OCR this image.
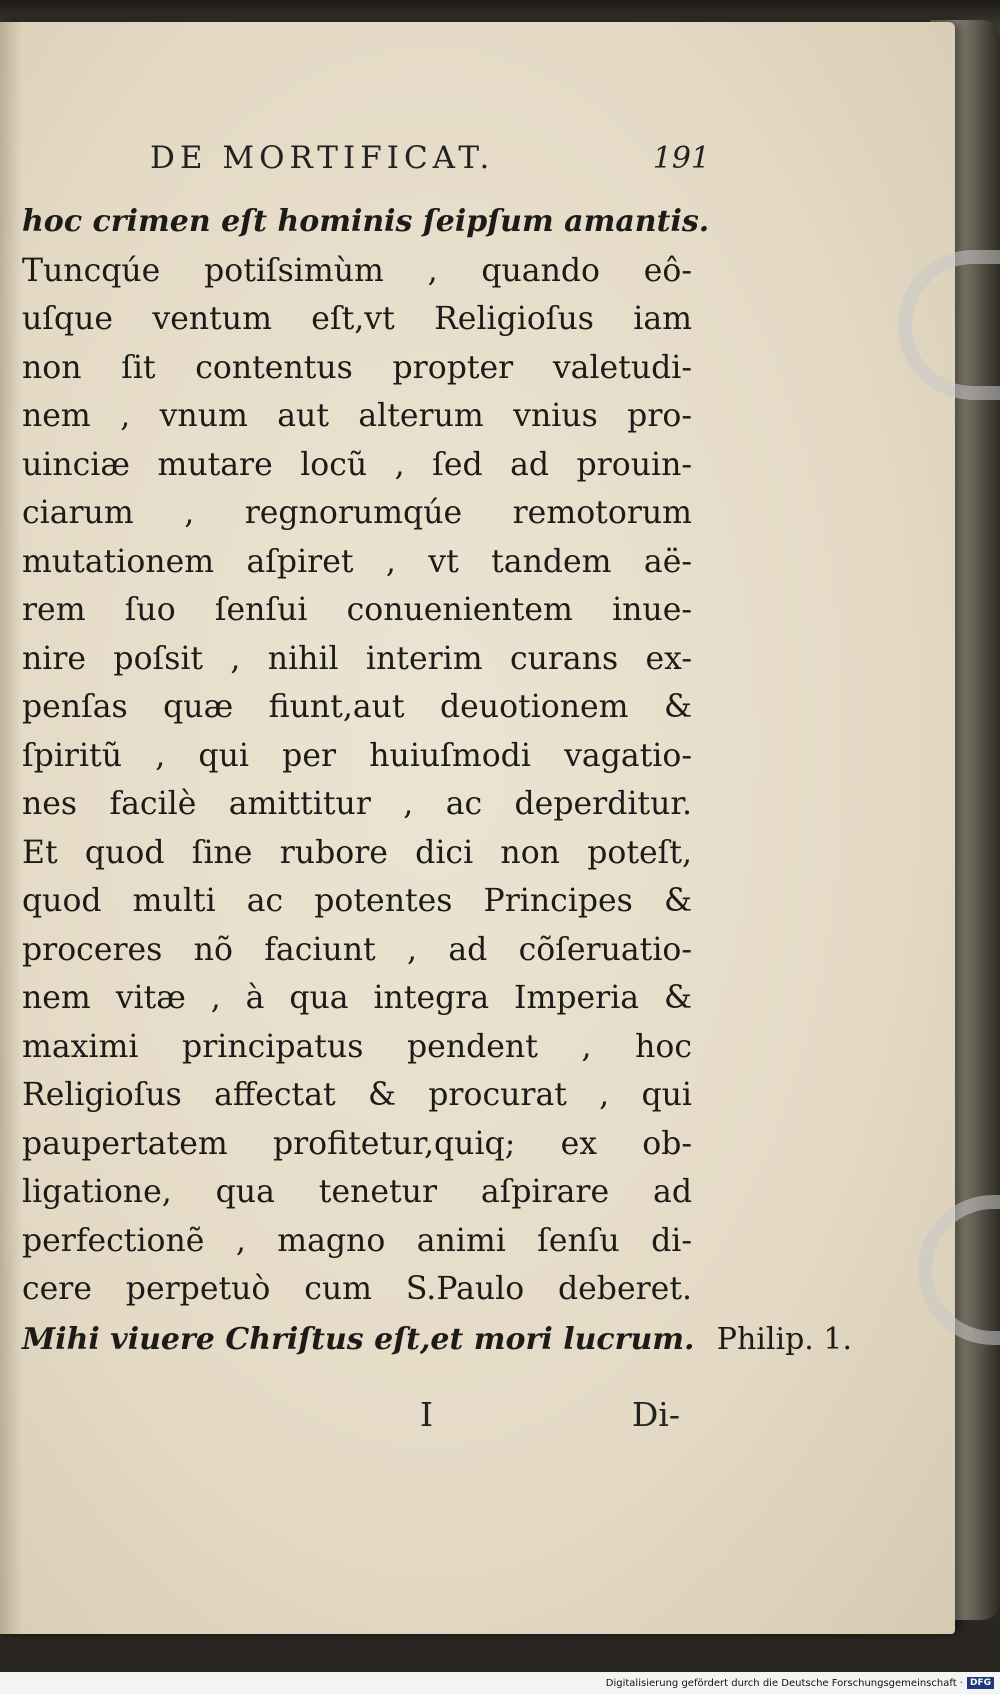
DE MORTIFICAT.	191
hoc crimen eſt hominis ſeipſum amantis.
Tuncqúe potiſsimùm , quando eô-
uſque ventum eſt,vt Religioſus iam
non ſit contentus propter valetudi-
nem , vnum aut alterum vnius pro-
uinciæ mutare locũ , ſed ad prouin-
ciarum , regnorumqúe remotorum
mutationem aſpiret , vt tandem aë-
rem ſuo ſenſui conuenientem inue-
nire poſsit , nihil interim curans ex-
penſas quæ fiunt,aut deuotionem &
ſpiritũ , qui per huiuſmodi vagatio-
nes facilè amittitur , ac deperditur.
Et quod ſine rubore dici non poteſt,
quod multi ac potentes Principes &
proceres nõ faciunt , ad cõſeruatio-
nem vitæ , à qua integra Imperia &
maximi principatus pendent , hoc
Religioſus affectat & procurat , qui
paupertatem profitetur,quiq; ex ob-
ligatione, qua tenetur aſpirare ad
perfectionẽ , magno animi ſenſu di-
cere perpetuò cum S.Paulo deberet.
Mihi viuere Chriſtus eſt,et mori lucrum. Philip. 1.
I	Di-
Digitalisierung gefördert durch die Deutsche Forschungsgemeinschaft · DFG
